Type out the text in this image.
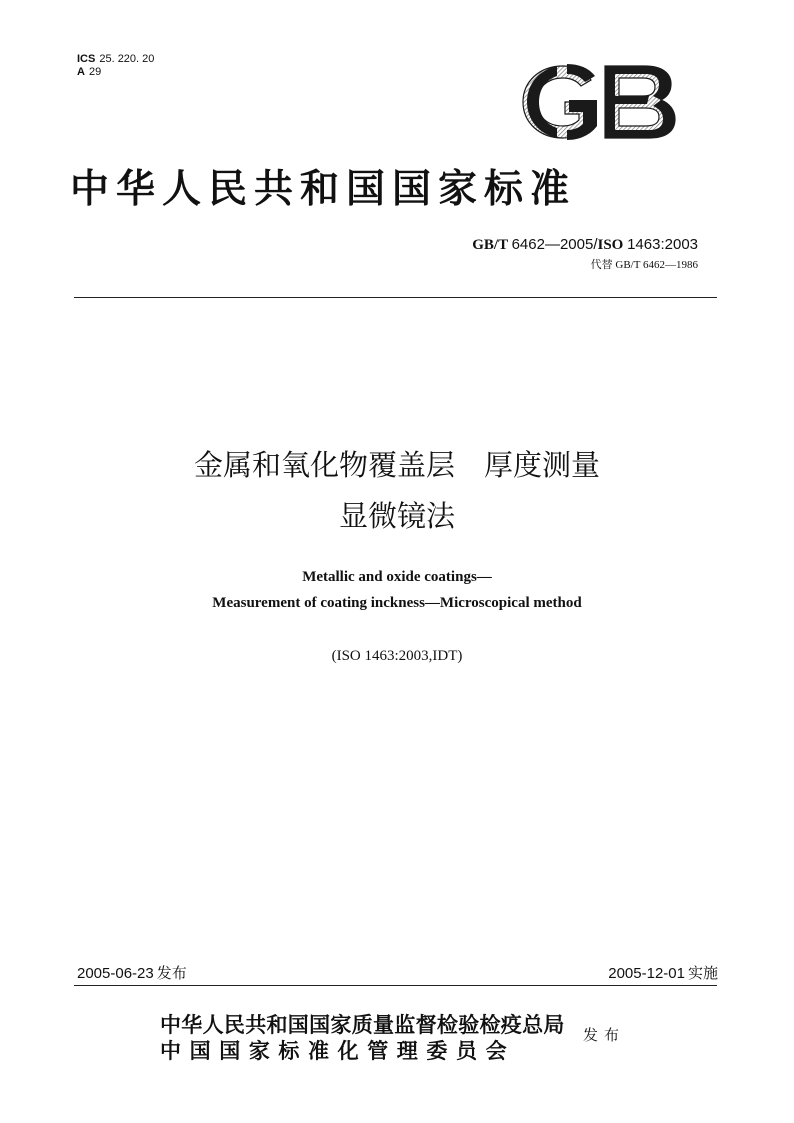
ICS 25. 220. 20
A 29
中华人民共和国国家标准
GB/T 6462—2005/ISO 1463:2003
代替 GB/T 6462—1986
金属和氧化物覆盖层　厚度测量
显微镜法
Metallic and oxide coatings—
Measurement of coating inckness—Microscopical method
(ISO 1463:2003,IDT)
2005-06-23 发布	2005-12-01 实施
中华人民共和国国家质量监督检验检疫总局
中国国家标准化管理委员会
发布
